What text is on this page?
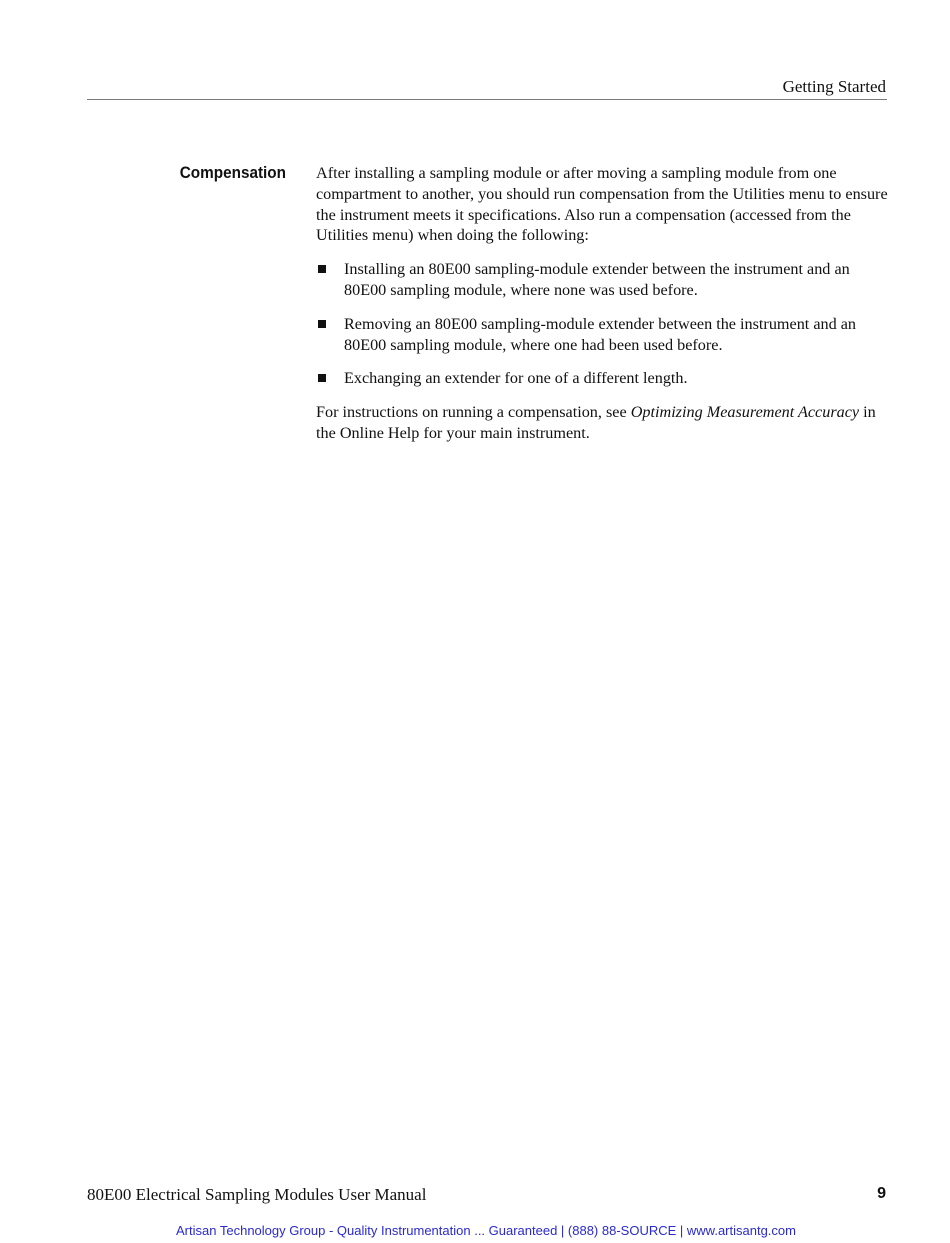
Getting Started
Compensation After installing a sampling module or after moving a sampling module from one compartment to another, you should run compensation from the Utilities menu to ensure the instrument meets it specifications. Also run a compensation (accessed from the Utilities menu) when doing the following:

Installing an 80E00 sampling-module extender between the instrument and an 80E00 sampling module, where none was used before.
Removing an 80E00 sampling-module extender between the instrument and an 80E00 sampling module, where one had been used before.
Exchanging an extender for one of a different length.

For instructions on running a compensation, see Optimizing Measurement Accuracy in the Online Help for your main instrument.

80E00 Electrical Sampling Modules User Manual	9
Artisan Technology Group - Quality Instrumentation ... Guaranteed | (888) 88-SOURCE | www.artisantg.com
